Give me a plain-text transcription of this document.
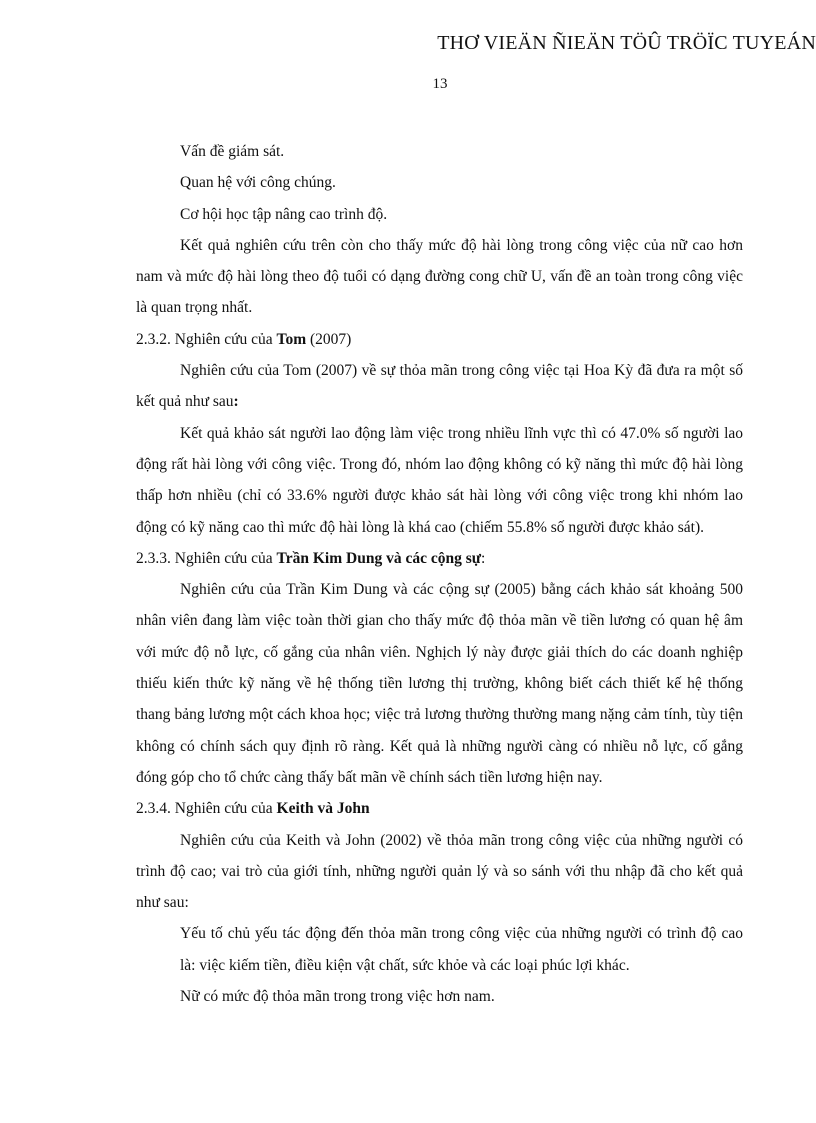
THƠ VIEÄN ÑIEÄN TÖÛ TRÖÏC TUYEÁN
13

Vấn đề giám sát.

Quan hệ với công chúng.

Cơ hội học tập nâng cao trình độ.

Kết quả nghiên cứu trên còn cho thấy mức độ hài lòng trong công việc của nữ cao hơn nam và mức độ hài lòng theo độ tuổi có dạng đường cong chữ U, vấn đề an toàn trong công việc là quan trọng nhất.

2.3.2. Nghiên cứu của Tom (2007)

Nghiên cứu của Tom (2007) về sự thỏa mãn trong công việc tại Hoa Kỳ đã đưa ra một số kết quả như sau:

Kết quả khảo sát người lao động làm việc trong nhiều lĩnh vực thì có 47.0% số người lao động rất hài lòng với công việc. Trong đó, nhóm lao động không có kỹ năng thì mức độ hài lòng thấp hơn nhiều (chỉ có 33.6% người được khảo sát hài lòng với công việc trong khi nhóm lao động có kỹ năng cao thì mức độ hài lòng là khá cao (chiếm 55.8% số người được khảo sát).

2.3.3. Nghiên cứu của Trần Kim Dung và các cộng sự:

Nghiên cứu của Trần Kim Dung và các cộng sự (2005) bằng cách khảo sát khoảng 500 nhân viên đang làm việc toàn thời gian cho thấy mức độ thỏa mãn về tiền lương có quan hệ âm với mức độ nỗ lực, cố gắng của nhân viên. Nghịch lý này được giải thích do các doanh nghiệp thiếu kiến thức kỹ năng về hệ thống tiền lương thị trường, không biết cách thiết kế hệ thống thang bảng lương một cách khoa học; việc trả lương thường thường mang nặng cảm tính, tùy tiện không có chính sách quy định rõ ràng. Kết quả là những người càng có nhiều nỗ lực, cố gắng đóng góp cho tổ chức càng thấy bất mãn về chính sách tiền lương hiện nay.

2.3.4. Nghiên cứu của Keith và John

Nghiên cứu của Keith và John (2002) về thỏa mãn trong công việc của những người có trình độ cao; vai trò của giới tính, những người quản lý và so sánh với thu nhập đã cho kết quả như sau:

Yếu tố chủ yếu tác động đến thỏa mãn trong công việc của những người có trình độ cao là: việc kiếm tiền, điều kiện vật chất, sức khỏe và các loại phúc lợi khác.

Nữ có mức độ thỏa mãn trong trong việc hơn nam.
